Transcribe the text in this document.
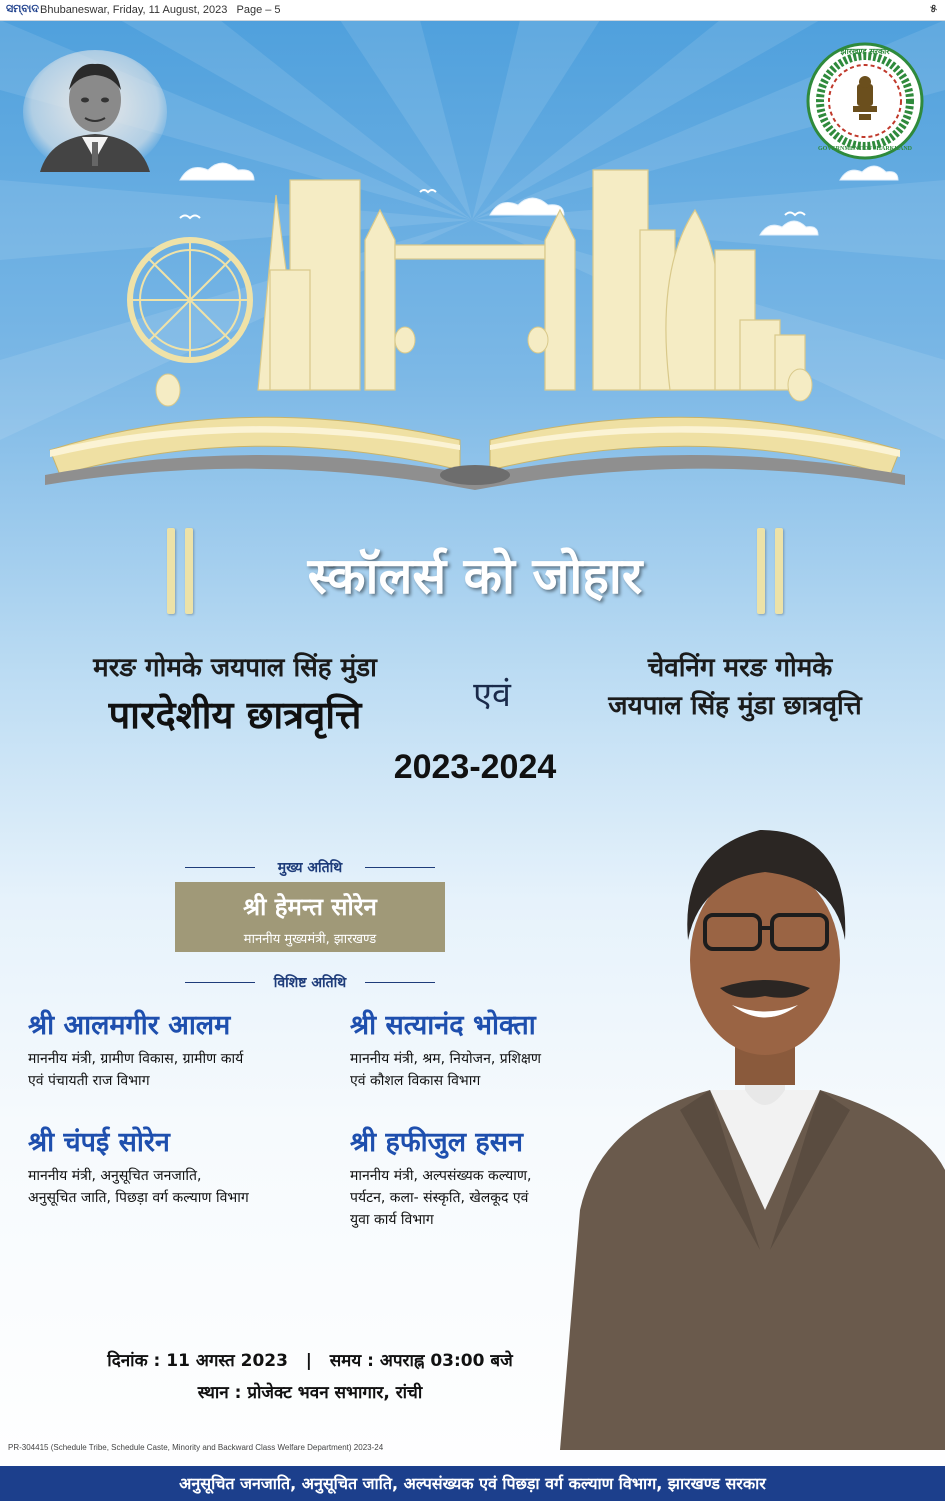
ସମ୍ବାଦ Bhubaneswar, Friday, 11 August, 2023 Page – 5	୫
झारखण्ड सरकार
GOVERNMENT OF JHARKHAND
स्कॉलर्स को जोहार
मरङ गोमके जयपाल सिंह मुंडा
पारदेशीय छात्रवृत्ति	एवं
चेवनिंग मरङ गोमके
जयपाल सिंह मुंडा छात्रवृत्ति
2023-2024
मुख्य अतिथि
श्री हेमन्त सोरेन
माननीय मुख्यमंत्री, झारखण्ड
विशिष्ट अतिथि
श्री आलमगीर आलम
माननीय मंत्री, ग्रामीण विकास, ग्रामीण कार्य
एवं पंचायती राज विभाग
श्री सत्यानंद भोक्ता
माननीय मंत्री, श्रम, नियोजन, प्रशिक्षण
एवं कौशल विकास विभाग
श्री चंपई सोरेन
माननीय मंत्री, अनुसूचित जनजाति,
अनुसूचित जाति, पिछड़ा वर्ग कल्याण विभाग
श्री हफीजुल हसन
माननीय मंत्री, अल्पसंख्यक कल्याण,
पर्यटन, कला- संस्कृति, खेलकूद एवं
युवा कार्य विभाग
दिनांक : 11 अगस्त 2023 | समय : अपराह्न 03:00 बजे
स्थान : प्रोजेक्ट भवन सभागार, रांची
PR-304415 (Schedule Tribe, Schedule Caste, Minority and Backward Class Welfare Department) 2023-24
अनुसूचित जनजाति, अनुसूचित जाति, अल्पसंख्यक एवं पिछड़ा वर्ग कल्याण विभाग, झारखण्ड सरकार
